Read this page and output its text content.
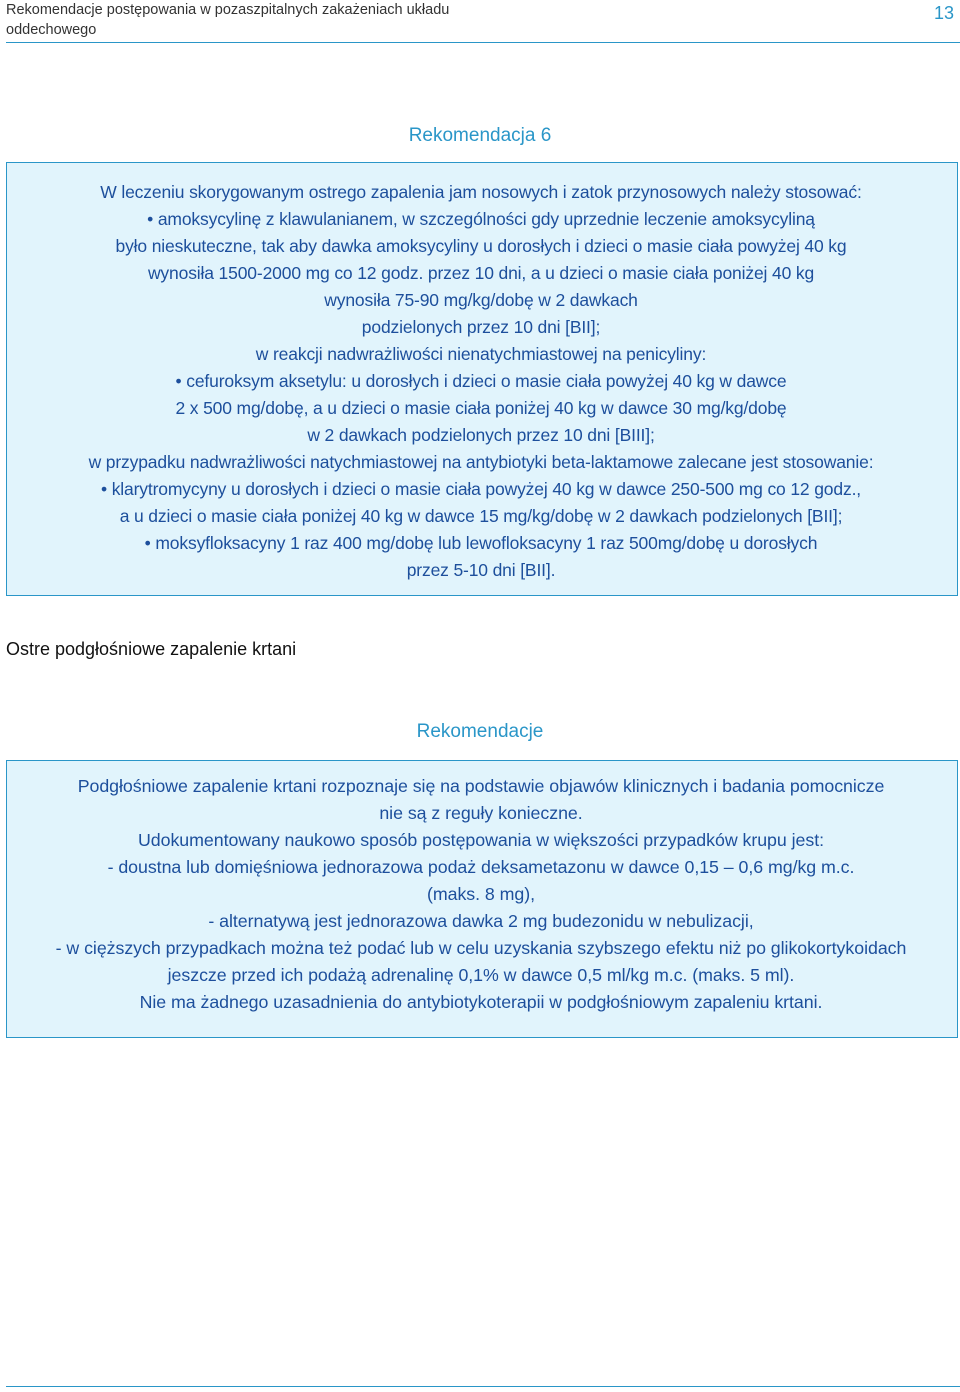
Rekomendacje postępowania w pozaszpitalnych zakażeniach układu oddechowego
13
Rekomendacja 6
W leczeniu skorygowanym ostrego zapalenia jam nosowych i zatok przynosowych należy stosować:
• amoksycylinę z klawulanianem, w szczególności gdy uprzednie leczenie amoksycyliną
było nieskuteczne, tak aby dawka amoksycyliny u dorosłych i dzieci o masie ciała powyżej 40 kg
wynosiła 1500-2000 mg co 12 godz. przez 10 dni, a u dzieci o masie ciała poniżej 40 kg
wynosiła 75-90 mg/kg/dobę w 2 dawkach
podzielonych przez 10 dni [BII];
w reakcji nadwrażliwości nienatychmiastowej na penicyliny:
• cefuroksym aksetylu: u dorosłych i dzieci o masie ciała powyżej 40 kg w dawce
2 x 500 mg/dobę, a u dzieci o masie ciała poniżej 40 kg w dawce 30 mg/kg/dobę
w 2 dawkach podzielonych przez 10 dni [BIII];
w przypadku nadwrażliwości natychmiastowej na antybiotyki beta-laktamowe zalecane jest stosowanie:
• klarytromycyny u dorosłych i dzieci o masie ciała powyżej 40 kg w dawce 250-500 mg co 12 godz.,
a u dzieci o masie ciała poniżej 40 kg w dawce 15 mg/kg/dobę w 2 dawkach podzielonych [BII];
• moksyfloksacyny 1 raz 400 mg/dobę lub lewofloksacyny 1 raz 500mg/dobę u dorosłych
przez 5-10 dni [BII].
Ostre podgłośniowe zapalenie krtani
Rekomendacje
Podgłośniowe zapalenie krtani rozpoznaje się na podstawie objawów klinicznych i badania pomocnicze
nie są z reguły konieczne.
Udokumentowany naukowo sposób postępowania w większości przypadków krupu jest:
- doustna lub domięśniowa jednorazowa podaż deksametazonu w dawce 0,15 – 0,6 mg/kg m.c.
(maks. 8 mg),
- alternatywą jest jednorazowa dawka 2 mg budezonidu w nebulizacji,
- w cięższych przypadkach można też podać lub w celu uzyskania szybszego efektu niż po glikokortykoidach
jeszcze przed ich podażą adrenalinę 0,1% w dawce 0,5 ml/kg m.c. (maks. 5 ml).
Nie ma żadnego uzasadnienia do antybiotykoterapii w podgłośniowym zapaleniu krtani.
